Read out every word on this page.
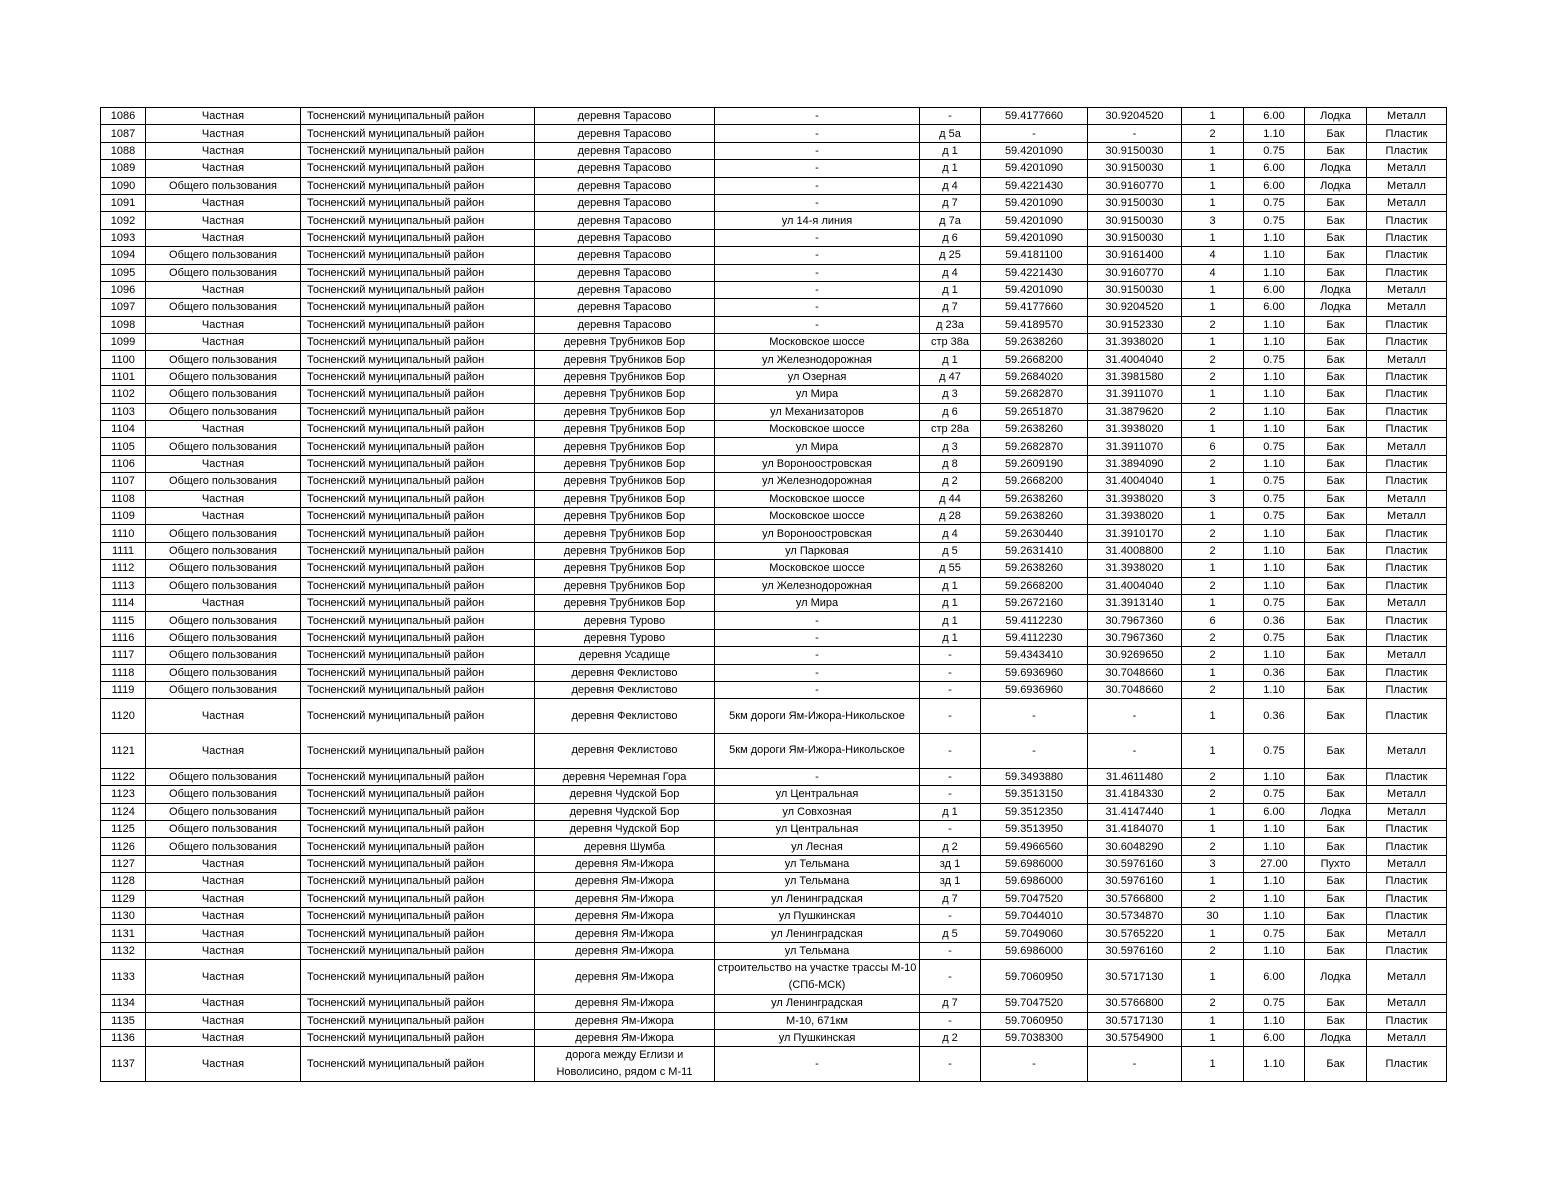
1086	Частная	Тосненский муниципальный район	деревня Тарасово	-	-	59.4177660	30.9204520	1	6.00	Лодка	Металл
1087	Частная	Тосненский муниципальный район	деревня Тарасово	-	д 5а	-	-	2	1.10	Бак	Пластик
1088	Частная	Тосненский муниципальный район	деревня Тарасово	-	д 1	59.4201090	30.9150030	1	0.75	Бак	Пластик
1089	Частная	Тосненский муниципальный район	деревня Тарасово	-	д 1	59.4201090	30.9150030	1	6.00	Лодка	Металл
1090	Общего пользования	Тосненский муниципальный район	деревня Тарасово	-	д 4	59.4221430	30.9160770	1	6.00	Лодка	Металл
1091	Частная	Тосненский муниципальный район	деревня Тарасово	-	д 7	59.4201090	30.9150030	1	0.75	Бак	Металл
1092	Частная	Тосненский муниципальный район	деревня Тарасово	ул 14-я линия	д 7а	59.4201090	30.9150030	3	0.75	Бак	Пластик
1093	Частная	Тосненский муниципальный район	деревня Тарасово	-	д 6	59.4201090	30.9150030	1	1.10	Бак	Пластик
1094	Общего пользования	Тосненский муниципальный район	деревня Тарасово	-	д 25	59.4181100	30.9161400	4	1.10	Бак	Пластик
1095	Общего пользования	Тосненский муниципальный район	деревня Тарасово	-	д 4	59.4221430	30.9160770	4	1.10	Бак	Пластик
1096	Частная	Тосненский муниципальный район	деревня Тарасово	-	д 1	59.4201090	30.9150030	1	6.00	Лодка	Металл
1097	Общего пользования	Тосненский муниципальный район	деревня Тарасово	-	д 7	59.4177660	30.9204520	1	6.00	Лодка	Металл
1098	Частная	Тосненский муниципальный район	деревня Тарасово	-	д 23а	59.4189570	30.9152330	2	1.10	Бак	Пластик
1099	Частная	Тосненский муниципальный район	деревня Трубников Бор	Московское шоссе	стр 38а	59.2638260	31.3938020	1	1.10	Бак	Пластик
1100	Общего пользования	Тосненский муниципальный район	деревня Трубников Бор	ул Железнодорожная	д 1	59.2668200	31.4004040	2	0.75	Бак	Металл
1101	Общего пользования	Тосненский муниципальный район	деревня Трубников Бор	ул Озерная	д 47	59.2684020	31.3981580	2	1.10	Бак	Пластик
1102	Общего пользования	Тосненский муниципальный район	деревня Трубников Бор	ул Мира	д 3	59.2682870	31.3911070	1	1.10	Бак	Пластик
1103	Общего пользования	Тосненский муниципальный район	деревня Трубников Бор	ул Механизаторов	д 6	59.2651870	31.3879620	2	1.10	Бак	Пластик
1104	Частная	Тосненский муниципальный район	деревня Трубников Бор	Московское шоссе	стр 28а	59.2638260	31.3938020	1	1.10	Бак	Пластик
1105	Общего пользования	Тосненский муниципальный район	деревня Трубников Бор	ул Мира	д 3	59.2682870	31.3911070	6	0.75	Бак	Металл
1106	Частная	Тосненский муниципальный район	деревня Трубников Бор	ул Вороноостровская	д 8	59.2609190	31.3894090	2	1.10	Бак	Пластик
1107	Общего пользования	Тосненский муниципальный район	деревня Трубников Бор	ул Железнодорожная	д 2	59.2668200	31.4004040	1	0.75	Бак	Пластик
1108	Частная	Тосненский муниципальный район	деревня Трубников Бор	Московское шоссе	д 44	59.2638260	31.3938020	3	0.75	Бак	Металл
1109	Частная	Тосненский муниципальный район	деревня Трубников Бор	Московское шоссе	д 28	59.2638260	31.3938020	1	0.75	Бак	Металл
1110	Общего пользования	Тосненский муниципальный район	деревня Трубников Бор	ул Вороноостровская	д 4	59.2630440	31.3910170	2	1.10	Бак	Пластик
1111	Общего пользования	Тосненский муниципальный район	деревня Трубников Бор	ул Парковая	д 5	59.2631410	31.4008800	2	1.10	Бак	Пластик
1112	Общего пользования	Тосненский муниципальный район	деревня Трубников Бор	Московское шоссе	д 55	59.2638260	31.3938020	1	1.10	Бак	Пластик
1113	Общего пользования	Тосненский муниципальный район	деревня Трубников Бор	ул Железнодорожная	д 1	59.2668200	31.4004040	2	1.10	Бак	Пластик
1114	Частная	Тосненский муниципальный район	деревня Трубников Бор	ул Мира	д 1	59.2672160	31.3913140	1	0.75	Бак	Металл
1115	Общего пользования	Тосненский муниципальный район	деревня Турово	-	д 1	59.4112230	30.7967360	6	0.36	Бак	Пластик
1116	Общего пользования	Тосненский муниципальный район	деревня Турово	-	д 1	59.4112230	30.7967360	2	0.75	Бак	Пластик
1117	Общего пользования	Тосненский муниципальный район	деревня Усадище	-	-	59.4343410	30.9269650	2	1.10	Бак	Металл
1118	Общего пользования	Тосненский муниципальный район	деревня Феклистово	-	-	59.6936960	30.7048660	1	0.36	Бак	Пластик
1119	Общего пользования	Тосненский муниципальный район	деревня Феклистово	-	-	59.6936960	30.7048660	2	1.10	Бак	Пластик
1120	Частная	Тосненский муниципальный район	деревня Феклистово	5км дороги Ям-Ижора-Никольское	-	-	-	1	0.36	Бак	Пластик
1121	Частная	Тосненский муниципальный район	деревня Феклистово	5км дороги Ям-Ижора-Никольское	-	-	-	1	0.75	Бак	Металл
1122	Общего пользования	Тосненский муниципальный район	деревня Черемная Гора	-	-	59.3493880	31.4611480	2	1.10	Бак	Пластик
1123	Общего пользования	Тосненский муниципальный район	деревня Чудской Бор	ул Центральная	-	59.3513150	31.4184330	2	0.75	Бак	Металл
1124	Общего пользования	Тосненский муниципальный район	деревня Чудской Бор	ул Совхозная	д 1	59.3512350	31.4147440	1	6.00	Лодка	Металл
1125	Общего пользования	Тосненский муниципальный район	деревня Чудской Бор	ул Центральная	-	59.3513950	31.4184070	1	1.10	Бак	Пластик
1126	Общего пользования	Тосненский муниципальный район	деревня Шумба	ул Лесная	д 2	59.4966560	30.6048290	2	1.10	Бак	Пластик
1127	Частная	Тосненский муниципальный район	деревня Ям-Ижора	ул Тельмана	зд 1	59.6986000	30.5976160	3	27.00	Пухто	Металл
1128	Частная	Тосненский муниципальный район	деревня Ям-Ижора	ул Тельмана	зд 1	59.6986000	30.5976160	1	1.10	Бак	Пластик
1129	Частная	Тосненский муниципальный район	деревня Ям-Ижора	ул Ленинградская	д 7	59.7047520	30.5766800	2	1.10	Бак	Пластик
1130	Частная	Тосненский муниципальный район	деревня Ям-Ижора	ул Пушкинская	-	59.7044010	30.5734870	30	1.10	Бак	Пластик
1131	Частная	Тосненский муниципальный район	деревня Ям-Ижора	ул Ленинградская	д 5	59.7049060	30.5765220	1	0.75	Бак	Металл
1132	Частная	Тосненский муниципальный район	деревня Ям-Ижора	ул Тельмана	-	59.6986000	30.5976160	2	1.10	Бак	Пластик
1133	Частная	Тосненский муниципальный район	деревня Ям-Ижора	строительство на участке трассы М-10 (СПб-МСК)	-	59.7060950	30.5717130	1	6.00	Лодка	Металл
1134	Частная	Тосненский муниципальный район	деревня Ям-Ижора	ул Ленинградская	д 7	59.7047520	30.5766800	2	0.75	Бак	Металл
1135	Частная	Тосненский муниципальный район	деревня Ям-Ижора	М-10, 671км	-	59.7060950	30.5717130	1	1.10	Бак	Пластик
1136	Частная	Тосненский муниципальный район	деревня Ям-Ижора	ул Пушкинская	д 2	59.7038300	30.5754900	1	6.00	Лодка	Металл
1137	Частная	Тосненский муниципальный район	дорога между Еглизи и Новолисино, рядом с М-11	-	-	-	-	1	1.10	Бак	Пластик
